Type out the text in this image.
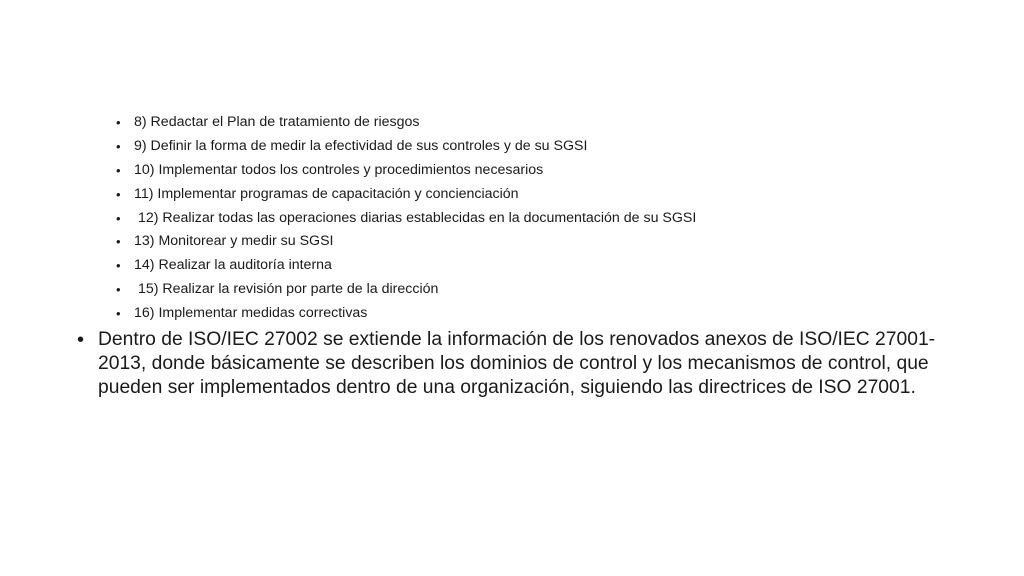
• 8) Redactar el Plan de tratamiento de riesgos
• 9) Definir la forma de medir la efectividad de sus controles y de su SGSI
• 10) Implementar todos los controles y procedimientos necesarios
• 11) Implementar programas de capacitación y concienciación
• 12) Realizar todas las operaciones diarias establecidas en la documentación de su SGSI
• 13) Monitorear y medir su SGSI
• 14) Realizar la auditoría interna
• 15) Realizar la revisión por parte de la dirección
• 16) Implementar medidas correctivas
• Dentro de ISO/IEC 27002 se extiende la información de los renovados anexos de ISO/IEC 27001-
2013, donde básicamente se describen los dominios de control y los mecanismos de control, que
pueden ser implementados dentro de una organización, siguiendo las directrices de ISO 27001.
